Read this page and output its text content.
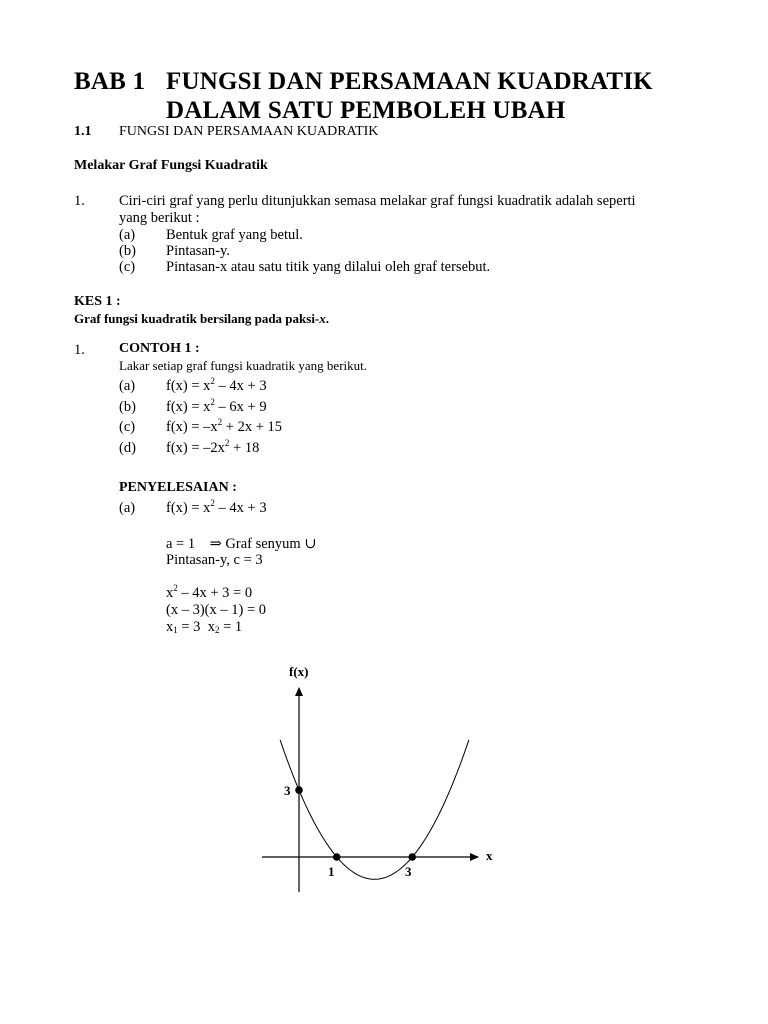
BAB 1 FUNGSI DAN PERSAMAAN KUADRATIK
DALAM SATU PEMBOLEH UBAH
1.1 FUNGSI DAN PERSAMAAN KUADRATIK
Melakar Graf Fungsi Kuadratik
1. Ciri-ciri graf yang perlu ditunjukkan semasa melakar graf fungsi kuadratik adalah seperti
yang berikut :
(a) Bentuk graf yang betul.
(b) Pintasan-y.
(c) Pintasan-x atau satu titik yang dilalui oleh graf tersebut.
KES 1 :
Graf fungsi kuadratik bersilang pada paksi-x.
1. CONTOH 1 :
Lakar setiap graf fungsi kuadratik yang berikut.
(a) $f(x) = x^2 - 4x + 3$
(b) $f(x) = x^2 - 6x + 9$
(c) $f(x) = -x^2 + 2x + 15$
(d) $f(x) = -2x^2 + 18$
PENYELESAIAN :
(a) $f(x) = x^2 - 4x + 3$
a = 1 ⇒ Graf senyum ∪
Pintasan-y, c = 3
$x^2 - 4x + 3 = 0$
(x – 3)(x – 1) = 0
$x_1 = 3$ $x_2 = 1$
f(x)
x
3
1	3
